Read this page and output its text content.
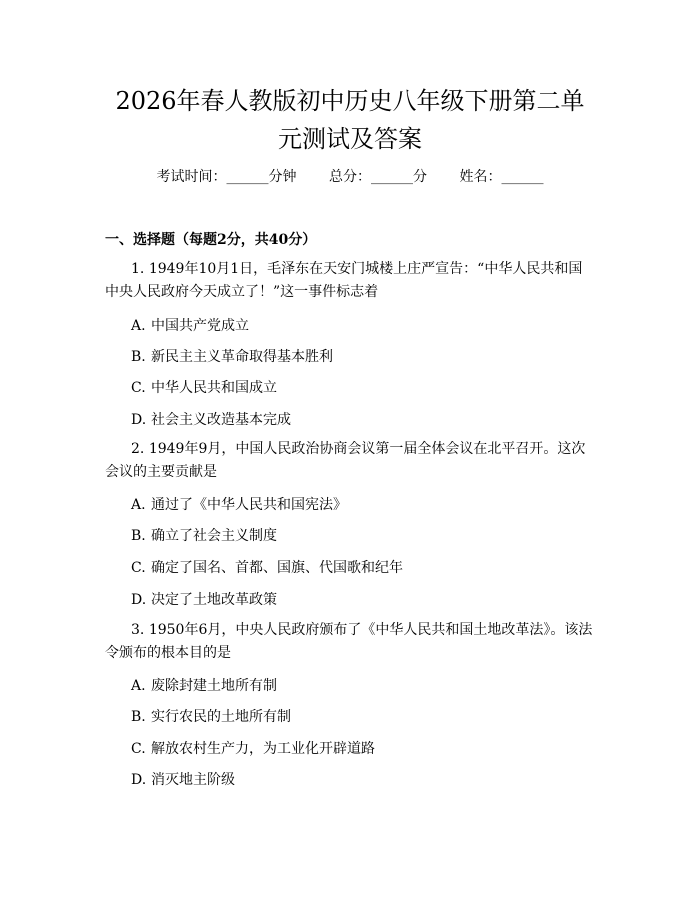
2026年春人教版初中历史八年级下册第二单
元测试及答案
考试时间：______分钟 总分：______分 姓名：______
一、选择题（每题2分，共40分）
1. 1949年10月1日，毛泽东在天安门城楼上庄严宣告：“中华人民共和国中央人民政府今天成立了！”这一事件标志着
A. 中国共产党成立
B. 新民主主义革命取得基本胜利
C. 中华人民共和国成立
D. 社会主义改造基本完成
2. 1949年9月，中国人民政治协商会议第一届全体会议在北平召开。这次会议的主要贡献是
A. 通过了《中华人民共和国宪法》
B. 确立了社会主义制度
C. 确定了国名、首都、国旗、代国歌和纪年
D. 决定了土地改革政策
3. 1950年6月，中央人民政府颁布了《中华人民共和国土地改革法》。该法令颁布的根本目的是
A. 废除封建土地所有制
B. 实行农民的土地所有制
C. 解放农村生产力，为工业化开辟道路
D. 消灭地主阶级
